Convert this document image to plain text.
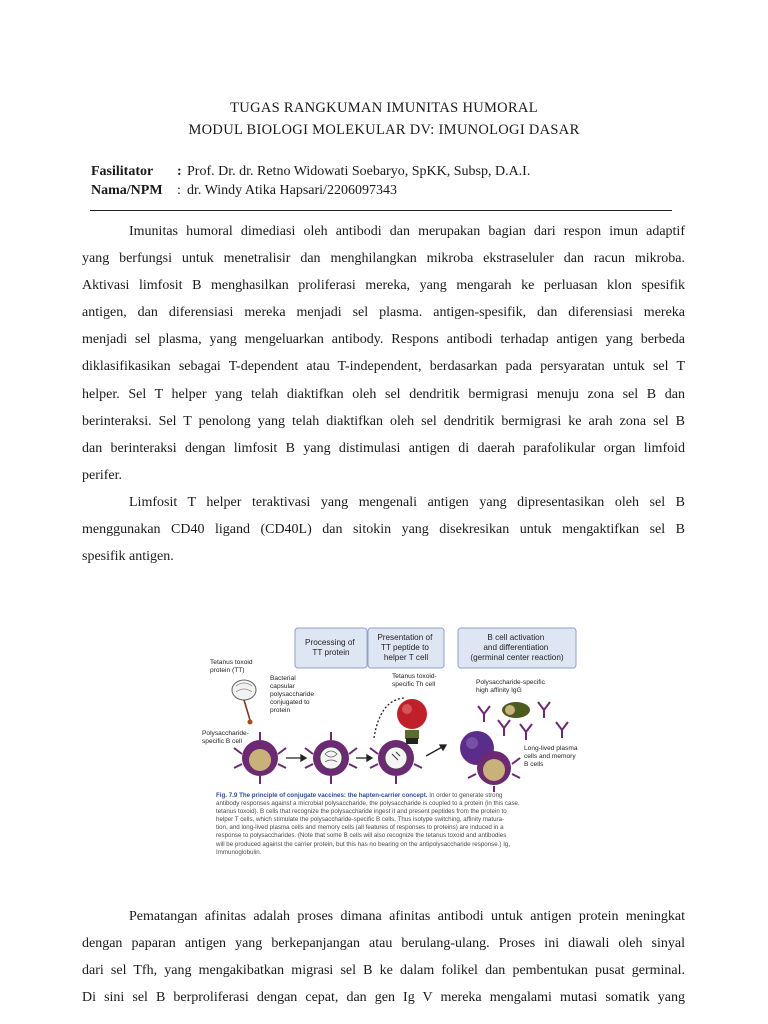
TUGAS RANGKUMAN IMUNITAS HUMORAL
MODUL BIOLOGI MOLEKULAR DV: IMUNOLOGI DASAR
Fasilitator : Prof. Dr. dr. Retno Widowati Soebaryo, SpKK, Subsp, D.A.I.
Nama/NPM : dr. Windy Atika Hapsari/2206097343
Imunitas humoral dimediasi oleh antibodi dan merupakan bagian dari respon imun adaptif
yang berfungsi untuk menetralisir dan menghilangkan mikroba ekstraseluler dan racun mikroba.
Aktivasi limfosit B menghasilkan proliferasi mereka, yang mengarah ke perluasan klon spesifik
antigen, dan diferensiasi mereka menjadi sel plasma. antigen-spesifik, dan diferensiasi mereka
menjadi sel plasma, yang mengeluarkan antibody. Respons antibodi terhadap antigen yang berbeda
diklasifikasikan sebagai T-dependent atau T-independent, berdasarkan pada persyaratan untuk sel T
helper. Sel T helper yang telah diaktifkan oleh sel dendritik bermigrasi menuju zona sel B dan
berinteraksi. Sel T penolong yang telah diaktifkan oleh sel dendritik bermigrasi ke arah zona sel B
dan berinteraksi dengan limfosit B yang distimulasi antigen di daerah parafolikular organ limfoid
perifer.
Limfosit T helper teraktivasi yang mengenali antigen yang dipresentasikan oleh sel B
menggunakan CD40 ligand (CD40L) dan sitokin yang disekresikan untuk mengaktifkan sel B
spesifik antigen.
Processing of TT protein
Presentation of TT peptide to helper T cell
B cell activation and differentiation (germinal center reaction)
Tetanus toxoid protein (TT)
Bacterial capsular polysaccharide conjugated to protein
Polysaccharide- specific B cell
Tetanus toxoid- specific Th cell	Polysaccharide-specific high affinity IgG
Long-lived plasma cells and memory B cells
Fig. 7.9 The principle of conjugate vaccines: the hapten-carrier concept. In order to generate strong
antibody responses against a microbial polysaccharide, the polysaccharide is coupled to a protein (in this case,
tetanus toxoid). B cells that recognize the polysaccharide ingest it and present peptides from the protein to
helper T cells, which stimulate the polysaccharide-specific B cells. Thus isotype switching, affinity matura-
tion, and long-lived plasma cells and memory cells (all features of responses to proteins) are induced in a
response to polysaccharides. (Note that some B cells will also recognize the tetanus toxoid and antibodies
will be produced against the carrier protein, but this has no bearing on the antipolysaccharide response.) Ig,
Immunoglobulin.
Pematangan afinitas adalah proses dimana afinitas antibodi untuk antigen protein meningkat
dengan paparan antigen yang berkepanjangan atau berulang-ulang. Proses ini diawali oleh sinyal
dari sel Tfh, yang mengakibatkan migrasi sel B ke dalam folikel dan pembentukan pusat germinal.
Di sini sel B berproliferasi dengan cepat, dan gen Ig V mereka mengalami mutasi somatik yang
